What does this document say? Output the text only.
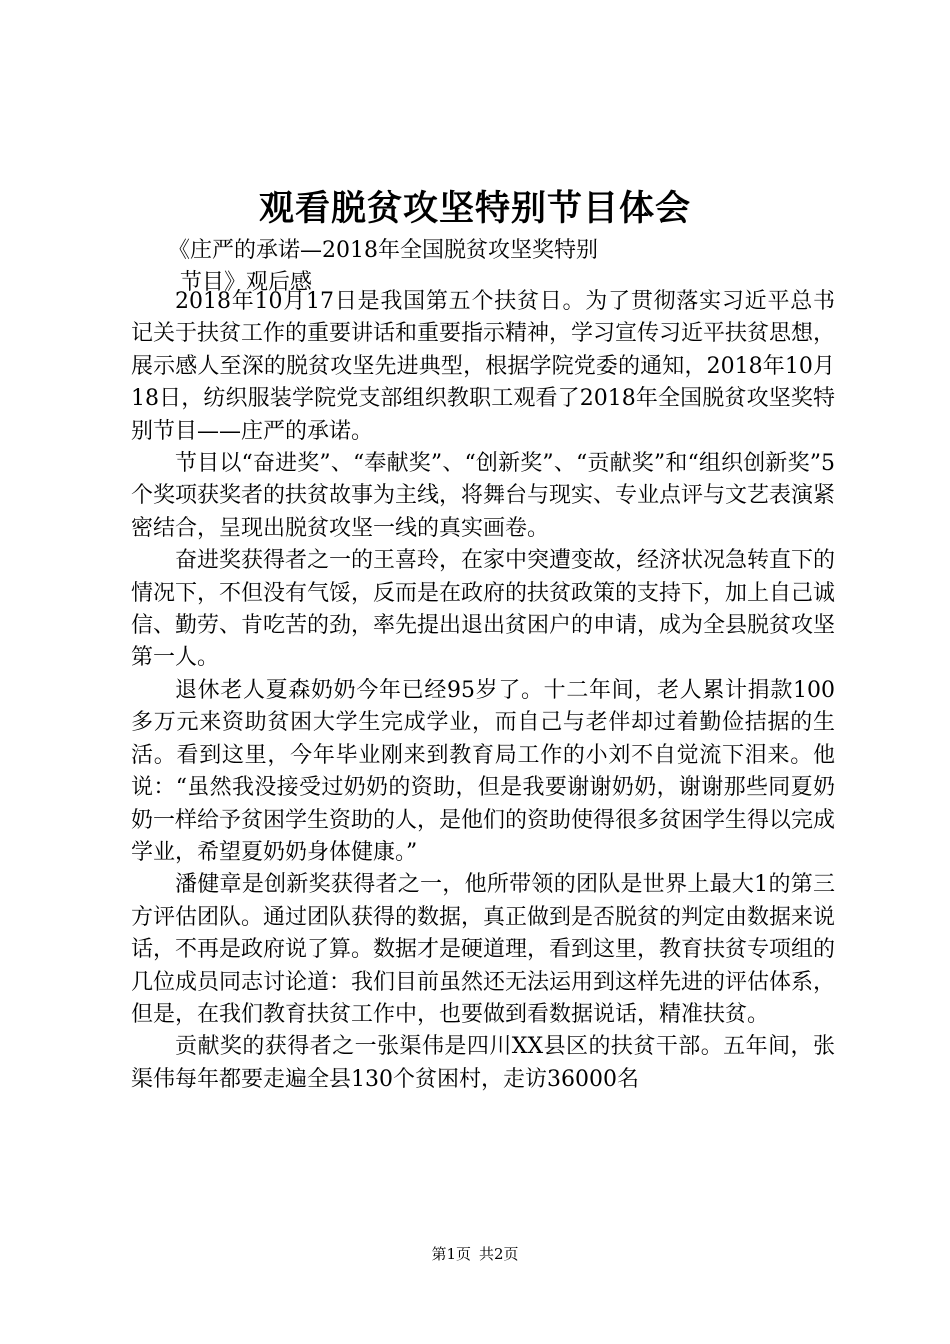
观看脱贫攻坚特别节目体会
《庄严的承诺—2018年全国脱贫攻坚奖特别
节目》观后感

2018年10月17日是我国第五个扶贫日。为了贯彻落实习近平总书记关于扶贫工作的重要讲话和重要指示精神，学习宣传习近平扶贫思想，展示感人至深的脱贫攻坚先进典型，根据学院党委的通知，2018年10月18日，纺织服装学院党支部组织教职工观看了2018年全国脱贫攻坚奖特别节目——庄严的承诺。

节目以“奋进奖”、“奉献奖”、“创新奖”、“贡献奖”和“组织创新奖”5个奖项获奖者的扶贫故事为主线，将舞台与现实、专业点评与文艺表演紧密结合，呈现出脱贫攻坚一线的真实画卷。

奋进奖获得者之一的王喜玲，在家中突遭变故，经济状况急转直下的情况下，不但没有气馁，反而是在政府的扶贫政策的支持下，加上自己诚信、勤劳、肯吃苦的劲，率先提出退出贫困户的申请，成为全县脱贫攻坚第一人。

退休老人夏森奶奶今年已经95岁了。十二年间，老人累计捐款100多万元来资助贫困大学生完成学业，而自己与老伴却过着勤俭拮据的生活。看到这里，今年毕业刚来到教育局工作的小刘不自觉流下泪来。他说：“虽然我没接受过奶奶的资助，但是我要谢谢奶奶，谢谢那些同夏奶奶一样给予贫困学生资助的人，是他们的资助使得很多贫困学生得以完成学业，希望夏奶奶身体健康。”

潘健章是创新奖获得者之一，他所带领的团队是世界上最大1的第三方评估团队。通过团队获得的数据，真正做到是否脱贫的判定由数据来说话，不再是政府说了算。数据才是硬道理，看到这里，教育扶贫专项组的几位成员同志讨论道：我们目前虽然还无法运用到这样先进的评估体系，但是，在我们教育扶贫工作中，也要做到看数据说话，精准扶贫。

贡献奖的获得者之一张渠伟是四川XX县区的扶贫干部。五年间，张渠伟每年都要走遍全县130个贫困村，走访36000名

第1页 共2页
